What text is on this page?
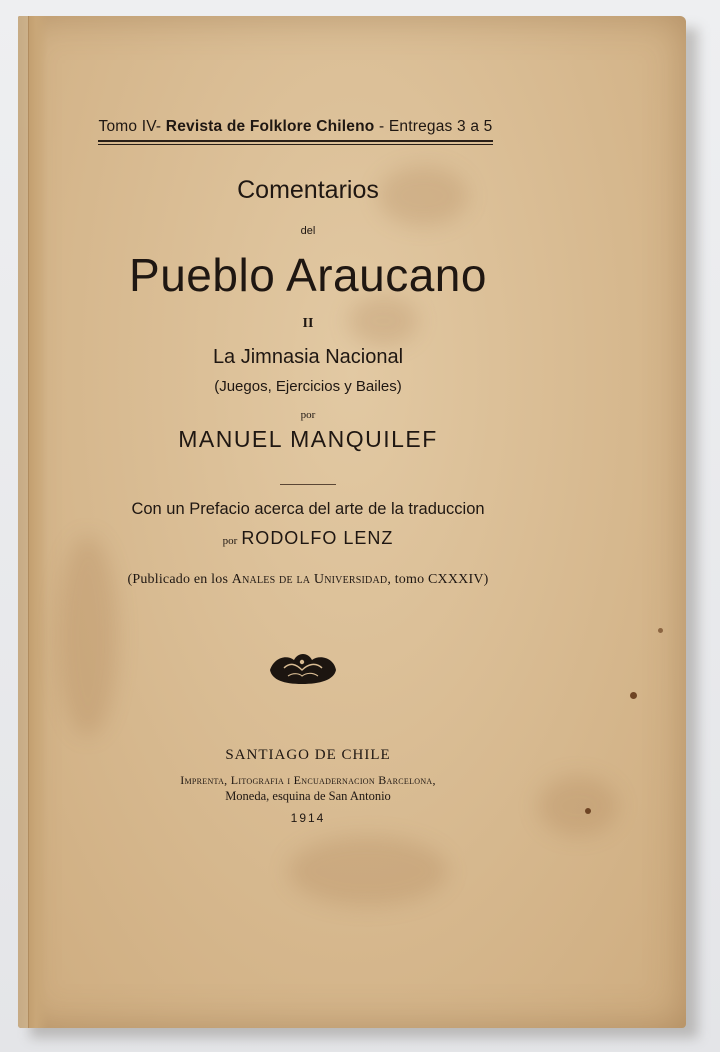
Tomo IV- Revista de Folklore Chileno - Entregas 3 a 5
Comentarios
del
Pueblo Araucano
II
La Jimnasia Nacional
(Juegos, Ejercicios y Bailes)
por
MANUEL MANQUILEF
Con un Prefacio acerca del arte de la traduccion
por RODOLFO LENZ
(Publicado en los Anales de la Universidad, tomo CXXXIV)
SANTIAGO DE CHILE
Imprenta, Litografia i Encuadernacion Barcelona,
Moneda, esquina de San Antonio
1914
